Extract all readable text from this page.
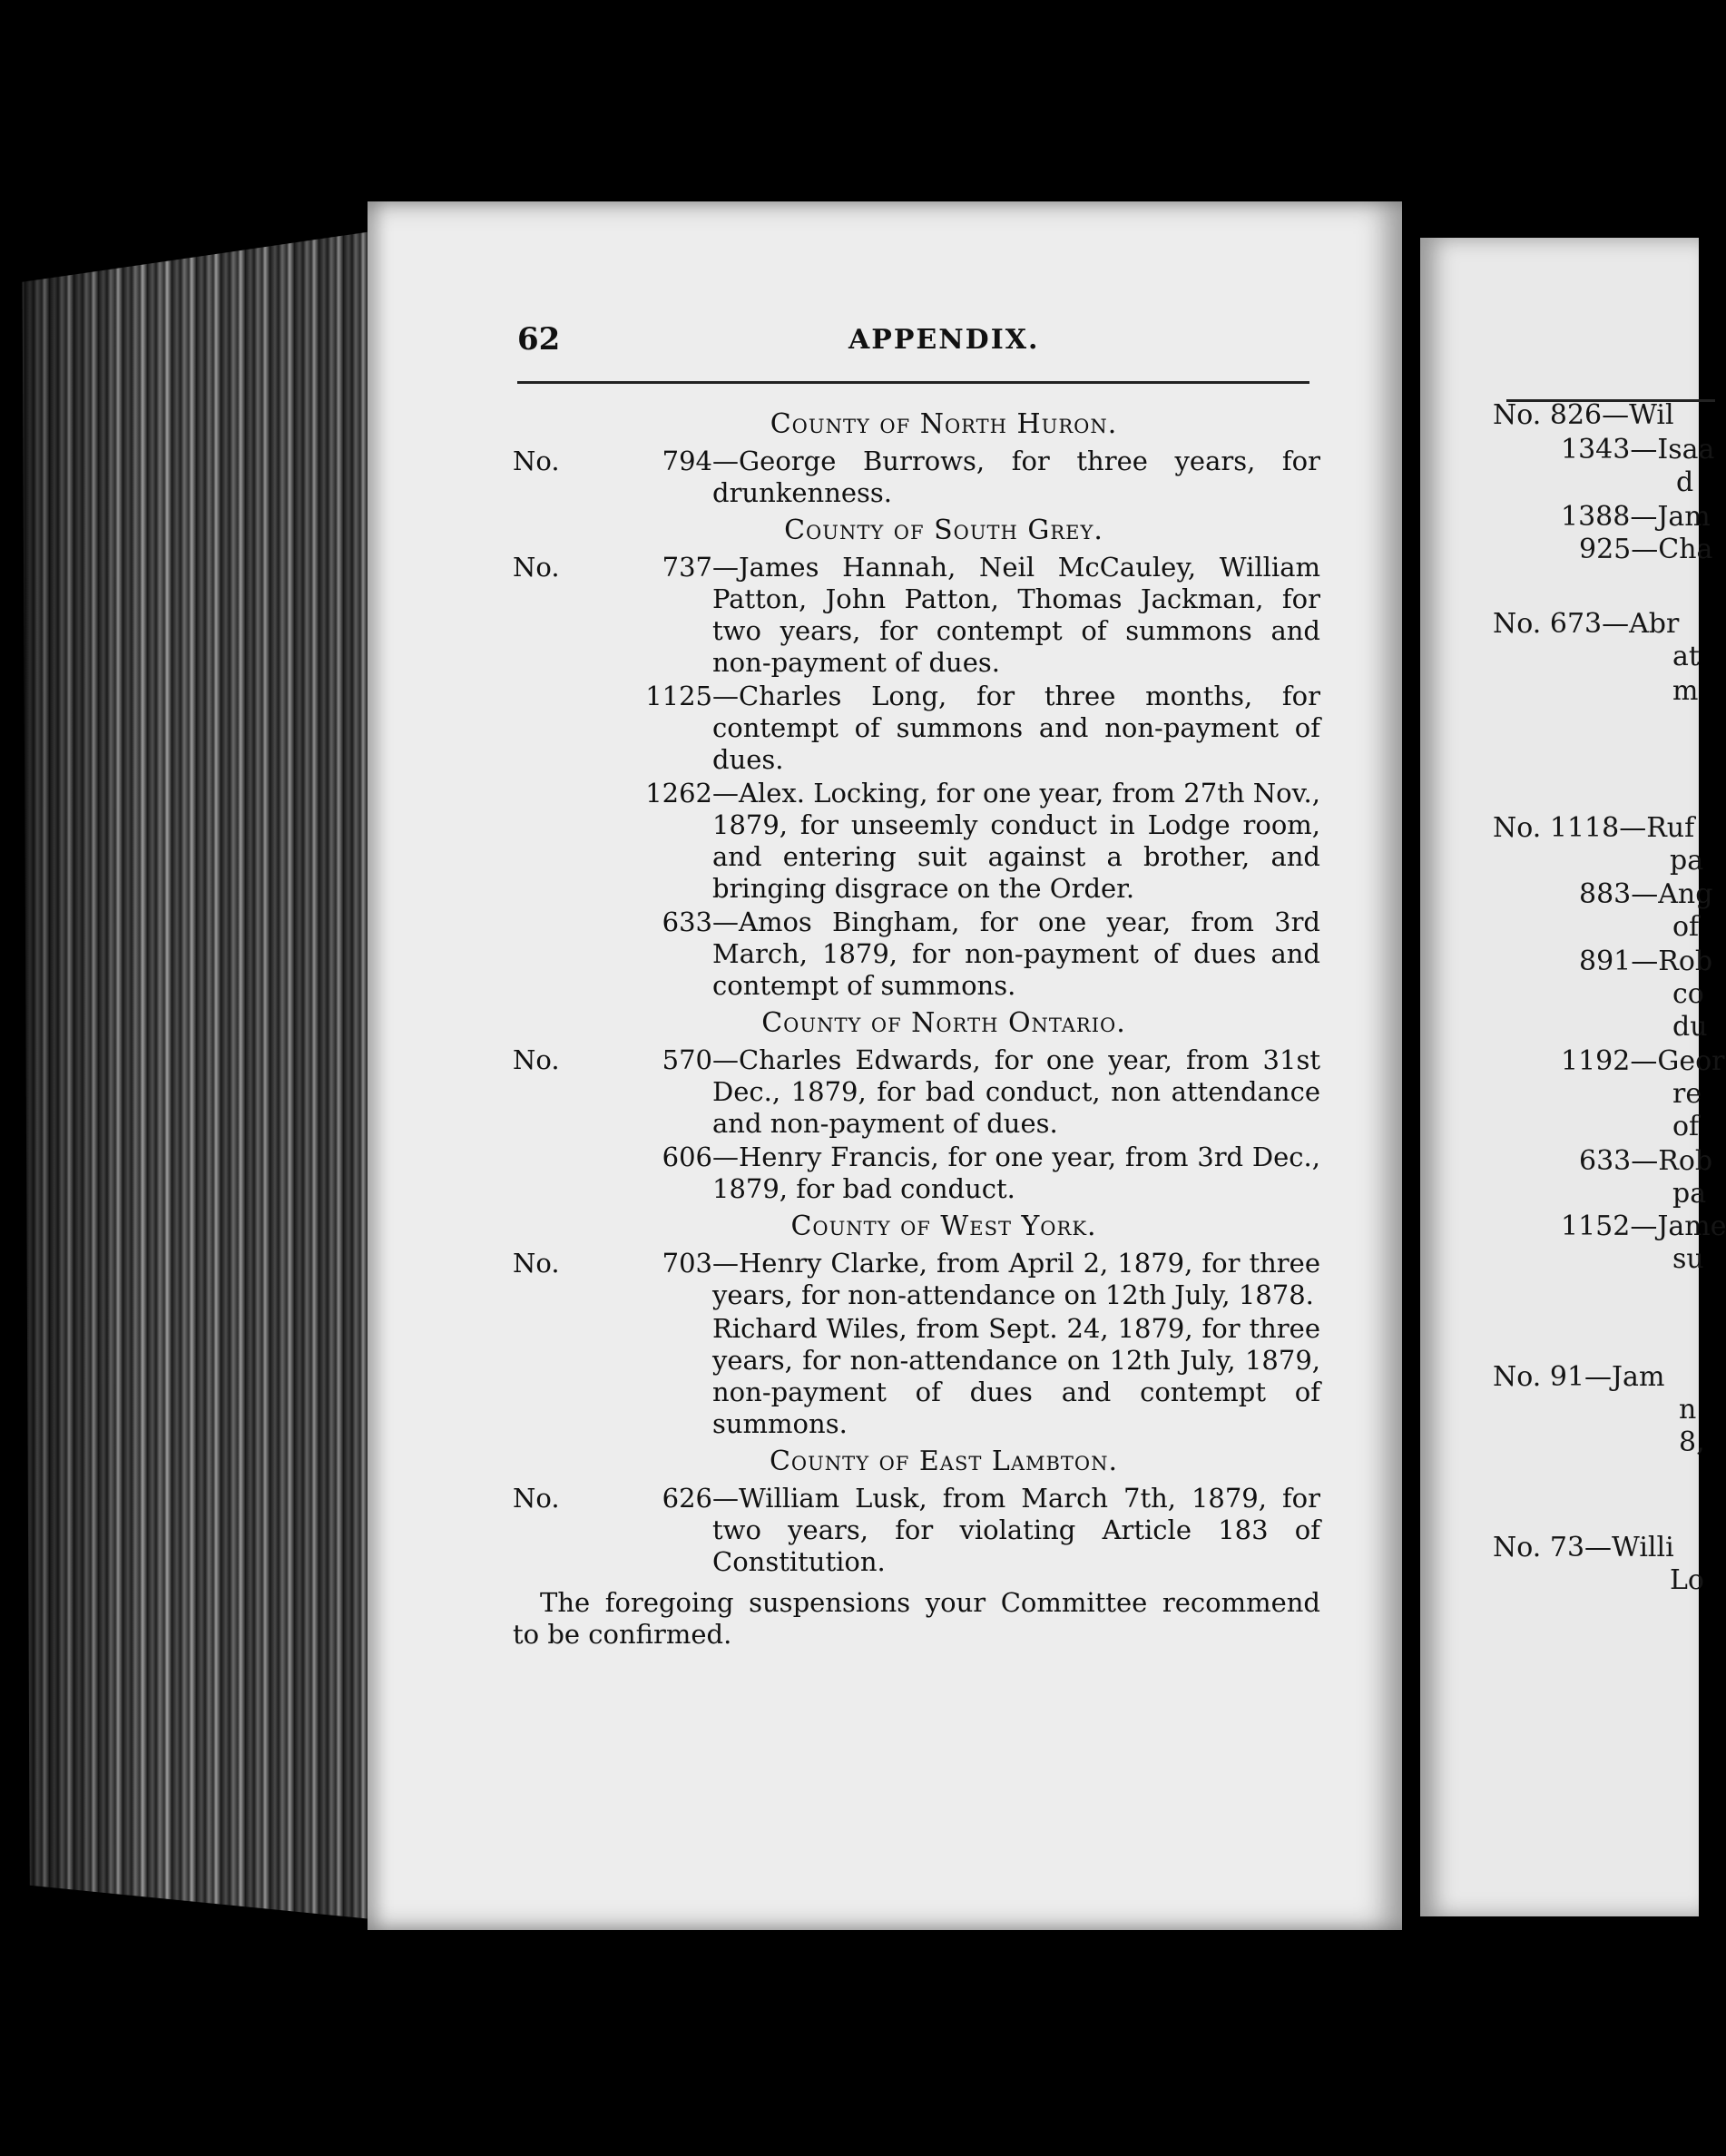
62	APPENDIX.
County of North Huron.
No.	794 —George Burrows, for three years, for drunkenness.
County of South Grey.
No.	737 —James Hannah, Neil McCauley, William Patton, John Patton, Thomas Jackman, for two years, for contempt of summons and non-payment of dues.
1125 —Charles Long, for three months, for contempt of summons and non-payment of dues.
1262 —Alex. Locking, for one year, from 27th Nov., 1879, for unseemly conduct in Lodge room, and entering suit against a brother, and bringing disgrace on the Order.
633 —Amos Bingham, for one year, from 3rd March, 1879, for non-payment of dues and contempt of summons.
County of North Ontario.
No.	570 —Charles Edwards, for one year, from 31st Dec., 1879, for bad conduct, non attendance and non-payment of dues.
606 —Henry Francis, for one year, from 3rd Dec., 1879, for bad conduct.
County of West York.
No.	703 —Henry Clarke, from April 2, 1879, for three years, for non-attendance on 12th July, 1878.
Richard Wiles, from Sept. 24, 1879, for three years, for non-attendance on 12th July, 1879, non-payment of dues and contempt of summons.
County of East Lambton.
No.	626 —William Lusk, from March 7th, 1879, for two years, for violating Article 183 of Constitution.
The foregoing suspensions your Committee recommend to be confirmed.
No. 826—Wil
1343—Isaa
d
1388—Jam
925—Cha
No. 673—Abr
at
m
No. 1118—Ruf
pa
883—Ang
of
891—Rob
co
du
1192—Geor
re
of
633—Rob
pa
1152—Jame
su
No. 91—Jam
n
8,
No. 73—Willi
Lo
